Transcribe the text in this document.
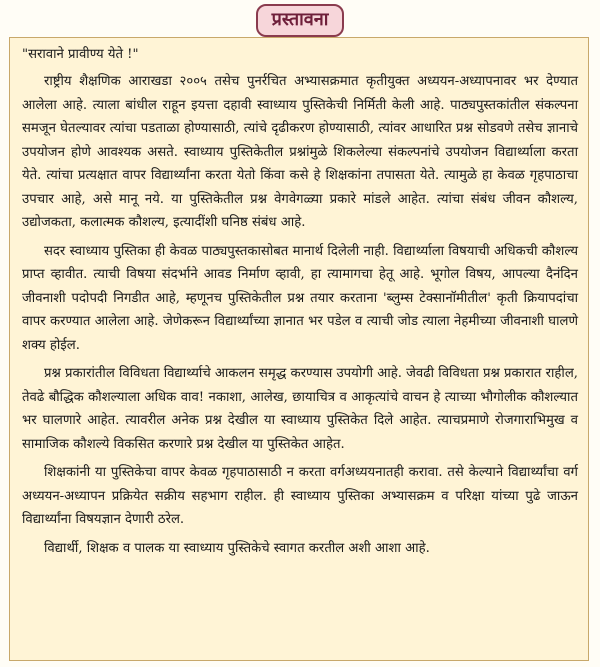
प्रस्तावना

"सरावाने प्रावीण्य येते !"

राष्ट्रीय शैक्षणिक आराखडा २००५ तसेच पुनर्रचित अभ्यासक्रमात कृतीयुक्त अध्ययन-अध्यापनावर भर देण्यात आलेला आहे. त्याला बांधील राहून इयत्ता दहावी स्वाध्याय पुस्तिकेची निर्मिती केली आहे. पाठ्यपुस्तकांतील संकल्पना समजून घेतल्यावर त्यांचा पडताळा होण्यासाठी, त्यांचे दृढीकरण होण्यासाठी, त्यांवर आधारित प्रश्न सोडवणे तसेच ज्ञानाचे उपयोजन होणे आवश्यक असते. स्वाध्याय पुस्तिकेतील प्रश्नांमुळे शिकलेल्या संकल्पनांचे उपयोजन विद्यार्थ्याला करता येते. त्यांचा प्रत्यक्षात वापर विद्यार्थ्यांना करता येतो किंवा कसे हे शिक्षकांना तपासता येते. त्यामुळे हा केवळ गृहपाठाचा उपचार आहे, असे मानू नये. या पुस्तिकेतील प्रश्न वेगवेगळ्या प्रकारे मांडले आहेत. त्यांचा संबंध जीवन कौशल्य, उद्योजकता, कलात्मक कौशल्य, इत्यादींशी घनिष्ठ संबंध आहे.

सदर स्वाध्याय पुस्तिका ही केवळ पाठ्यपुस्तकासोबत मानार्थ दिलेली नाही. विद्यार्थ्याला विषयाची अधिकची कौशल्य प्राप्त व्हावीत. त्याची विषया संदर्भाने आवड निर्माण व्हावी, हा त्यामागचा हेतू आहे. भूगोल विषय, आपल्या दैनंदिन जीवनाशी पदोपदी निगडीत आहे, म्हणूनच पुस्तिकेतील प्रश्न तयार करताना 'ब्लुम्स टेक्सानॉमीतील' कृती क्रियापदांचा वापर करण्यात आलेला आहे. जेणेकरून विद्यार्थ्यांच्या ज्ञानात भर पडेल व त्याची जोड त्याला नेहमीच्या जीवनाशी घालणे शक्य होईल.

प्रश्न प्रकारांतील विविधता विद्यार्थ्याचे आकलन समृद्ध करण्यास उपयोगी आहे. जेवढी विविधता प्रश्न प्रकारात राहील, तेवढे बौद्धिक कौशल्याला अधिक वाव! नकाशा, आलेख, छायाचित्र व आकृत्यांचे वाचन हे त्याच्या भौगोलीक कौशल्यात भर घालणारे आहेत. त्यावरील अनेक प्रश्न देखील या स्वाध्याय पुस्तिकेत दिले आहेत. त्याचप्रमाणे रोजगाराभिमुख व सामाजिक कौशल्ये विकसित करणारे प्रश्न देखील या पुस्तिकेत आहेत.

शिक्षकांनी या पुस्तिकेचा वापर केवळ गृहपाठासाठी न करता वर्गअध्ययनातही करावा. तसे केल्याने विद्यार्थ्यांचा वर्ग अध्ययन-अध्यापन प्रक्रियेत सक्रीय सहभाग राहील. ही स्वाध्याय पुस्तिका अभ्यासक्रम व परिक्षा यांच्या पुढे जाऊन विद्यार्थ्यांना विषयज्ञान देणारी ठरेल.

विद्यार्थी, शिक्षक व पालक या स्वाध्याय पुस्तिकेचे स्वागत करतील अशी आशा आहे.
